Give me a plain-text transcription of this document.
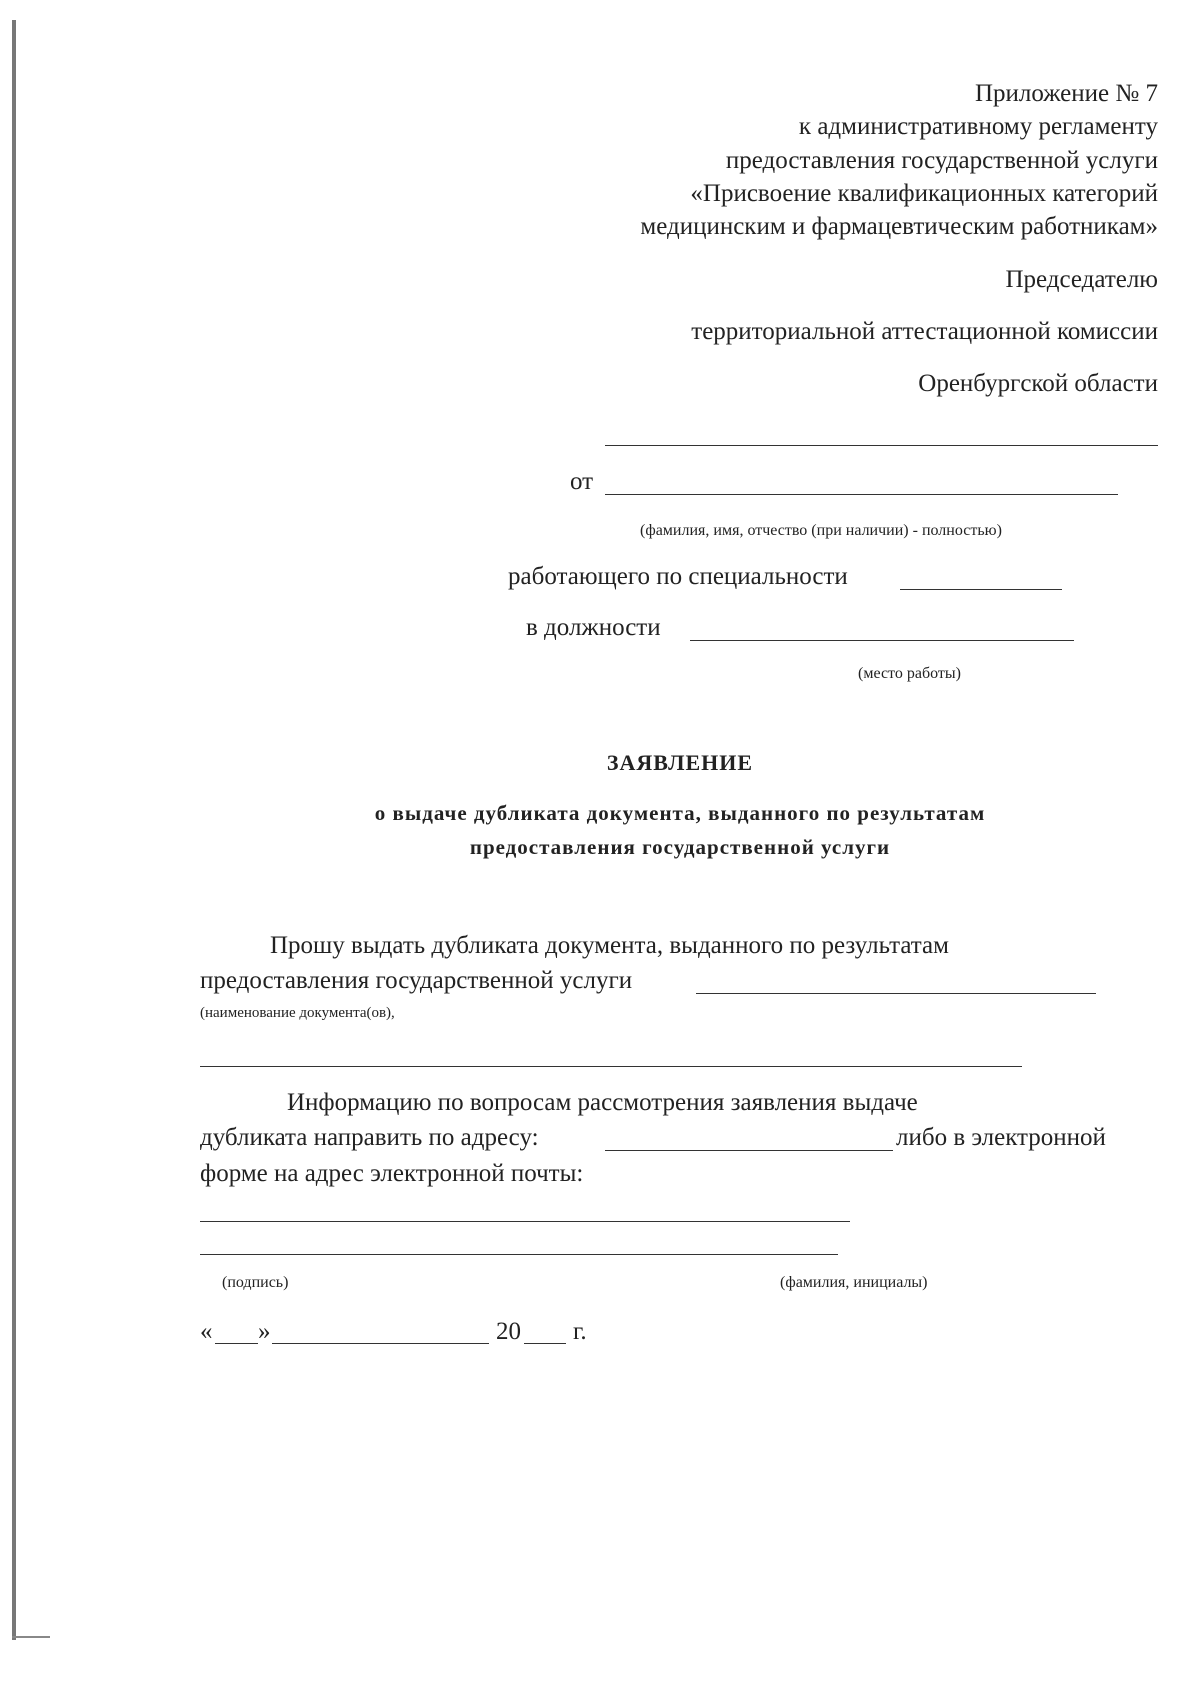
Приложение № 7
к административному регламенту
предоставления государственной услуги
«Присвоение квалификационных категорий
медицинским и фармацевтическим работникам»
Председателю
территориальной аттестационной комиссии
Оренбургской области
от
(фамилия, имя, отчество (при наличии) - полностью)
работающего по специальности
в должности
(место работы)
ЗАЯВЛЕНИЕ
о выдаче дубликата документа, выданного по результатам
предоставления государственной услуги
Прошу выдать дубликата документа, выданного по результатам
предоставления государственной услуги
(наименование документа(ов),
Информацию по вопросам рассмотрения заявления выдаче
дубликата направить по адресу:	либо в электронной
форме на адрес электронной почты:
(подпись)	(фамилия, инициалы)
« »	20 г.
